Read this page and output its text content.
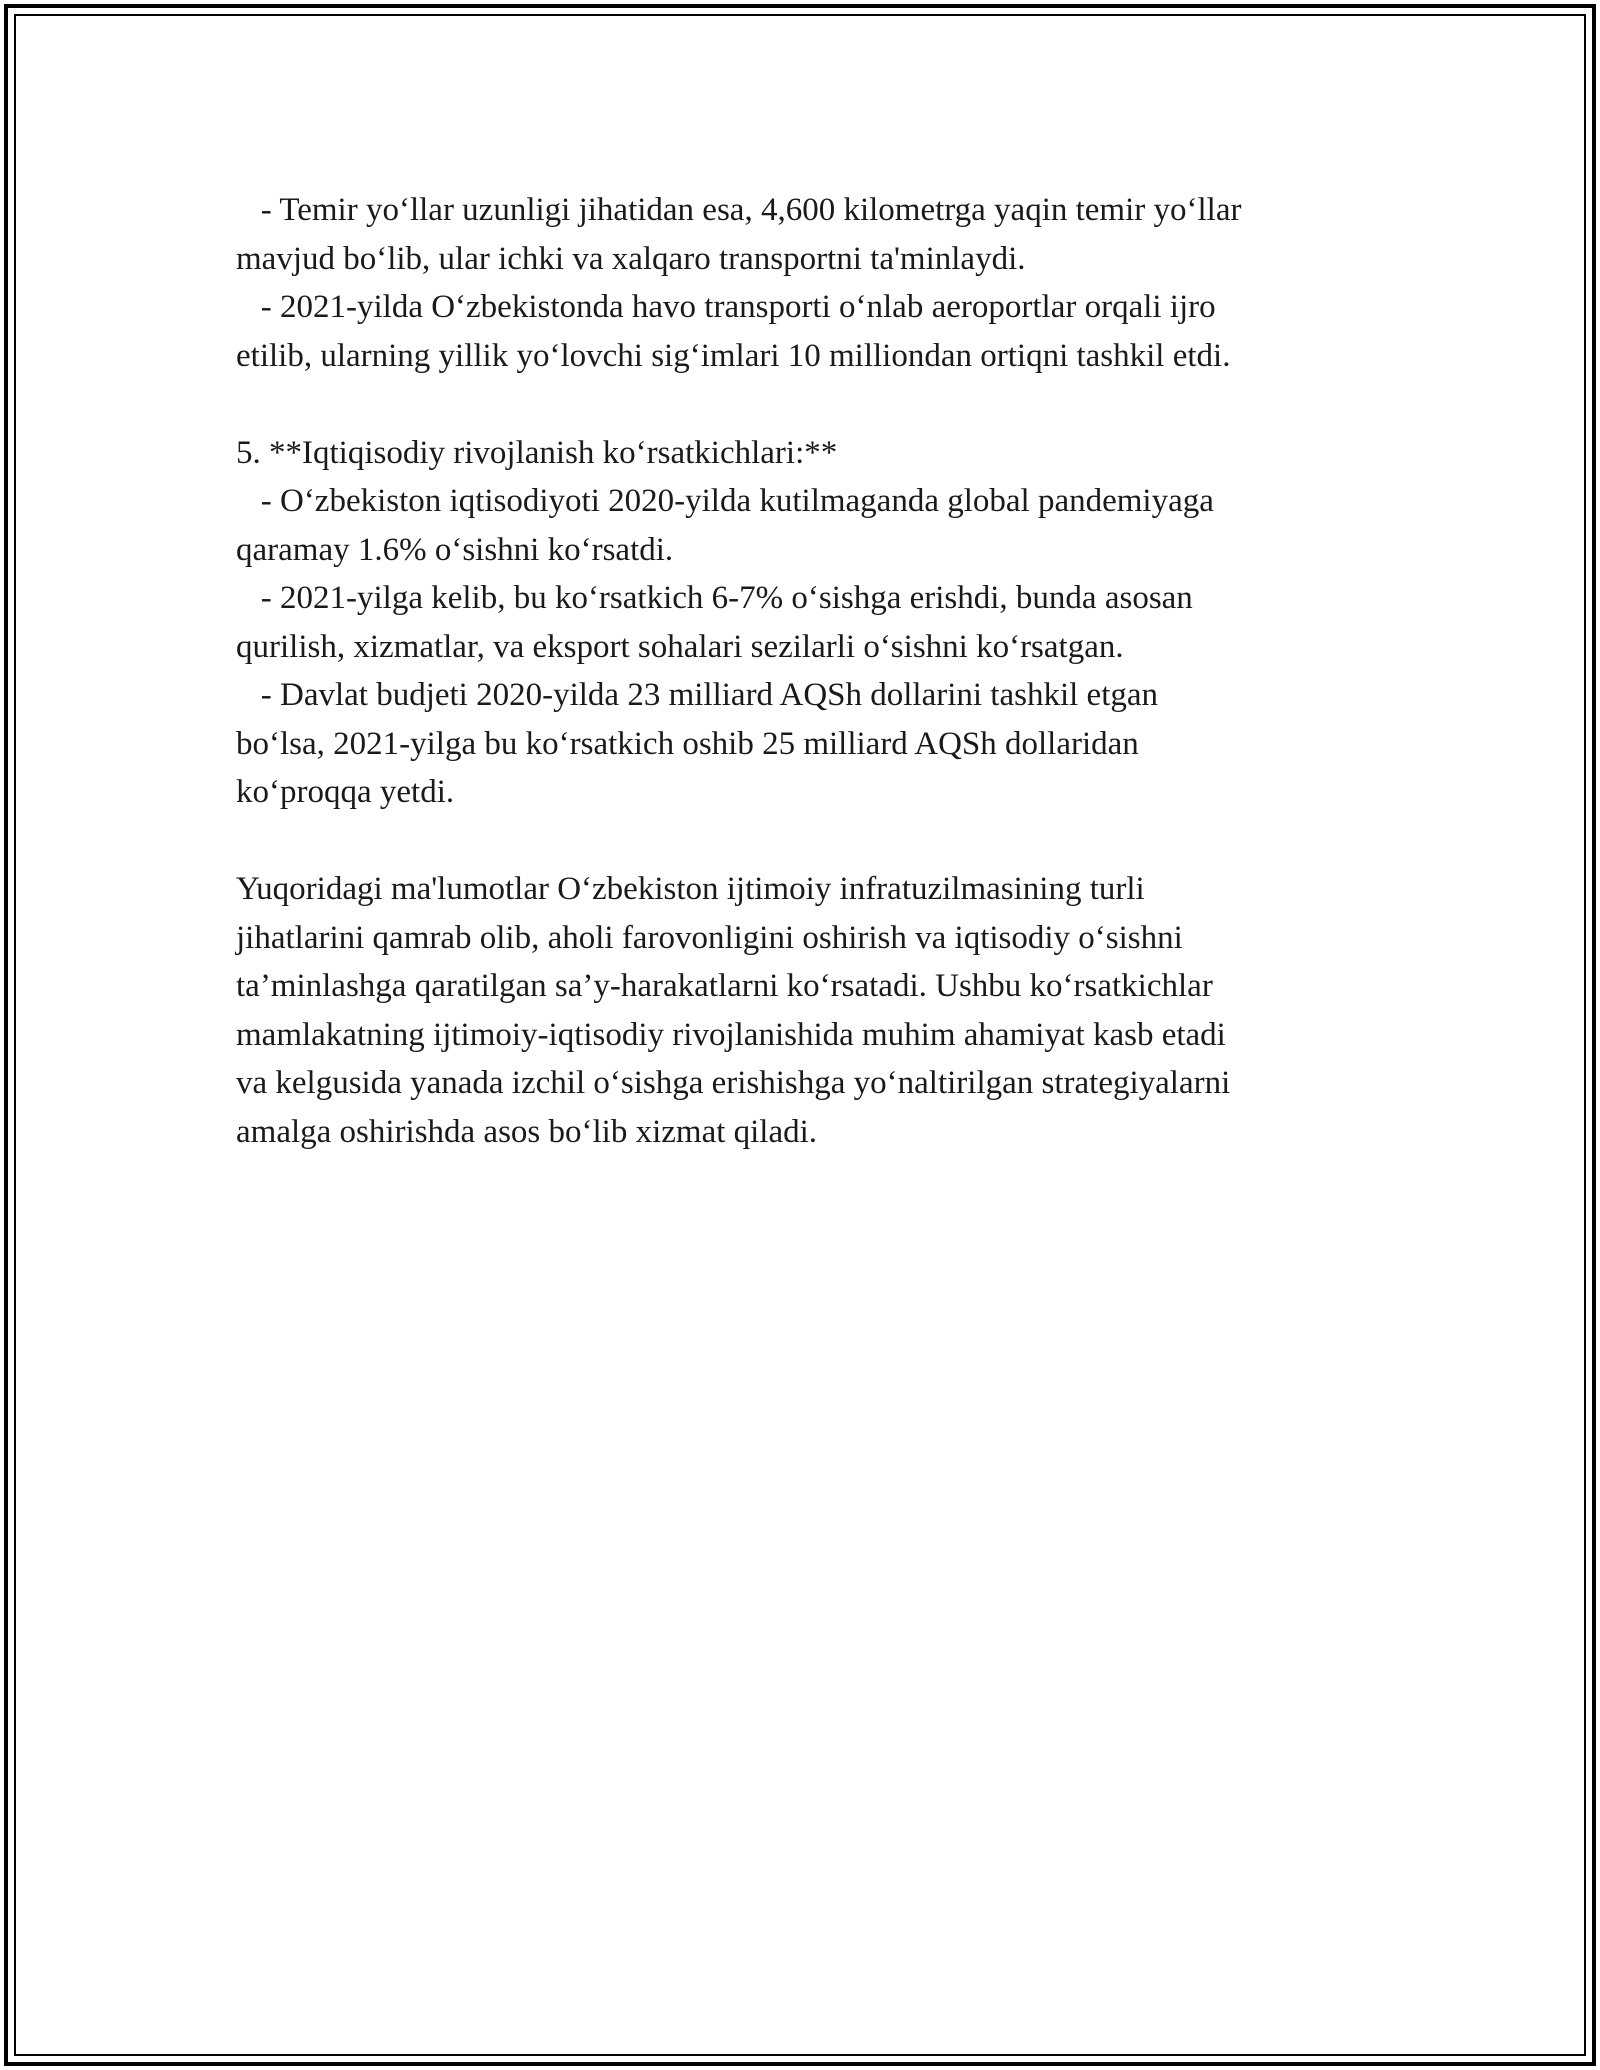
- Temir yo‘llar uzunligi jihatidan esa, 4,600 kilometrga yaqin temir yo‘llar
mavjud bo‘lib, ular ichki va xalqaro transportni ta'minlaydi.
- 2021-yilda O‘zbekistonda havo transporti o‘nlab aeroportlar orqali ijro
etilib, ularning yillik yo‘lovchi sig‘imlari 10 milliondan ortiqni tashkil etdi.
5. **Iqtiqisodiy rivojlanish ko‘rsatkichlari:**
- O‘zbekiston iqtisodiyoti 2020-yilda kutilmaganda global pandemiyaga
qaramay 1.6% o‘sishni ko‘rsatdi.
- 2021-yilga kelib, bu ko‘rsatkich 6-7% o‘sishga erishdi, bunda asosan
qurilish, xizmatlar, va eksport sohalari sezilarli o‘sishni ko‘rsatgan.
- Davlat budjeti 2020-yilda 23 milliard AQSh dollarini tashkil etgan
bo‘lsa, 2021-yilga bu ko‘rsatkich oshib 25 milliard AQSh dollaridan
ko‘proqqa yetdi.
Yuqoridagi ma'lumotlar O‘zbekiston ijtimoiy infratuzilmasining turli
jihatlarini qamrab olib, aholi farovonligini oshirish va iqtisodiy o‘sishni
ta’minlashga qaratilgan sa’y-harakatlarni ko‘rsatadi. Ushbu ko‘rsatkichlar
mamlakatning ijtimoiy-iqtisodiy rivojlanishida muhim ahamiyat kasb etadi
va kelgusida yanada izchil o‘sishga erishishga yo‘naltirilgan strategiyalarni
amalga oshirishda asos bo‘lib xizmat qiladi.
